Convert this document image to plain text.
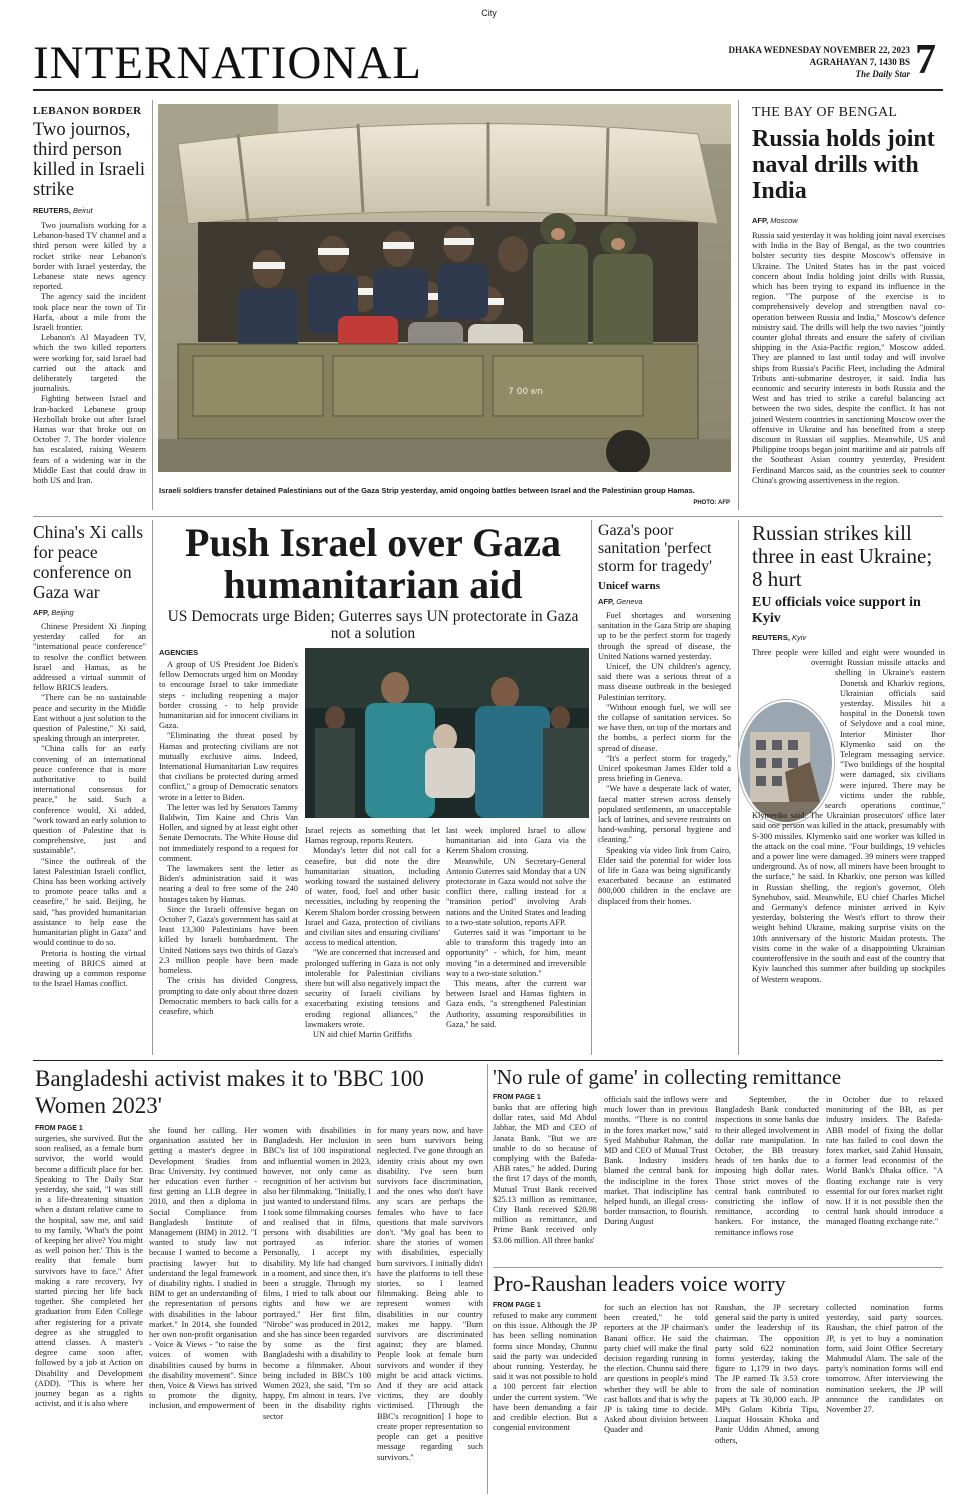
City
INTERNATIONAL	DHAKA WEDNESDAY NOVEMBER 22, 2023
AGRAHAYAN 7, 1430 BS
The Daily Star 7
LEBANON BORDER
Two journos, third person killed in Israeli strike
REUTERS, Beirut

Two journalists working for a Lebanon-based TV channel and a third person were killed by a rocket strike near Lebanon's border with Israel yesterday, the Lebanese state news agency reported.

The agency said the incident took place near the town of Tir Harfa, about a mile from the Israeli frontier.

Lebanon's Al Mayadeen TV, which the two killed reporters were working for, said Israel had carried out the attack and deliberately targeted the journalists.

Fighting between Israel and Iran-backed Lebanese group Hezbollah broke out after Israel Hamas war that broke out on October 7. The border violence has escalated, raising Western fears of a widening war in the Middle East that could draw in both US and Iran.

7 חש 00
Israeli soldiers transfer detained Palestinians out of the Gaza Strip yesterday, amid ongoing battles between Israel and the Palestinian group Hamas.
PHOTO: AFP
THE BAY OF BENGAL
Russia holds joint naval drills with India
AFP, Moscow

Russia said yesterday it was holding joint naval exercises with India in the Bay of Bengal, as the two countries bolster security ties despite Moscow's offensive in Ukraine. The United States has in the past voiced concern about India holding joint drills with Russia, which has been trying to expand its influence in the region. "The purpose of the exercise is to comprehensively develop and strengthen naval co-operation between Russia and India," Moscow's defence ministry said. The drills will help the two navies "jointly counter global threats and ensure the safety of civilian shipping in the Asia-Pacific region," Moscow added. They are planned to last until today and will involve ships from Russia's Pacific Fleet, including the Admiral Tributs anti-submarine destroyer, it said. India has economic and security interests in both Russia and the West and has tried to strike a careful balancing act between the two sides, despite the conflict. It has not joined Western countries in sanctioning Moscow over the offensive in Ukraine and has benefited from a steep discount in Russian oil supplies. Meanwhile, US and Philippine troops began joint maritime and air patrols off the Southeast Asian country yesterday, President Ferdinand Marcos said, as the countries seek to counter China's growing assertiveness in the region.

China's Xi calls for peace conference on Gaza war
AFP, Beijing

Chinese President Xi Jinping yesterday called for an "international peace conference" to resolve the conflict between Israel and Hamas, as he addressed a virtual summit of fellow BRICS leaders.

"There can be no sustainable peace and security in the Middle East without a just solution to the question of Palestine," Xi said, speaking through an interpreter.

"China calls for an early convening of an international peace conference that is more authoritative to build international consensus for peace," he said. Such a conference would, Xi added, "work toward an early solution to question of Palestine that is comprehensive, just and sustainable".

"Since the outbreak of the latest Palestinian Israeli conflict, China has been working actively to promote peace talks and a ceasefire," he said. Beijing, he said, "has provided humanitarian assistance to help ease the humanitarian plight in Gaza" and would continue to do so.

Pretoria is hosting the virtual meeting of BRICS aimed at drawing up a common response to the Israel Hamas conflict.

Push Israel over Gaza humanitarian aid
US Democrats urge Biden; Guterres says UN protectorate in Gaza not a solution
AGENCIES

A group of US President Joe Biden's fellow Democrats urged him on Monday to encourage Israel to take immediate steps - including reopening a major border crossing - to help provide humanitarian aid for innocent civilians in Gaza.

"Eliminating the threat posed by Hamas and protecting civilians are not mutually exclusive aims. Indeed, International Humanitarian Law requires that civilians be protected during armed conflict," a group of Democratic senators wrote in a letter to Biden.

The letter was led by Senators Tammy Baldwin, Tim Kaine and Chris Van Hollen, and signed by at least eight other Senate Democrats. The White House did not immediately respond to a request for comment.

The lawmakers sent the letter as Biden's administration said it was nearing a deal to free some of the 240 hostages taken by Hamas.

Since the Israeli offensive began on October 7, Gaza's government has said at least 13,300 Palestinians have been killed by Israeli bombardment. The United Nations says two thirds of Gaza's 2.3 million people have been made homeless.

The crisis has divided Congress, prompting to date only about three dozen Democratic members to back calls for a ceasefire, which

Israel rejects as something that let Hamas regroup, reports Reuters.

Monday's letter did not call for a ceasefire, but did note the dire humanitarian situation, including working toward the sustained delivery of water, food, fuel and other basic necessities, including by reopening the Kerem Shalom border crossing between Israel and Gaza, protection of civilians and civilian sites and ensuring civilians' access to medical attention.

"We are concerned that increased and prolonged suffering in Gaza is not only intolerable for Palestinian civilians there but will also negatively impact the security of Israeli civilians by exacerbating existing tensions and eroding regional alliances," the lawmakers wrote.

UN aid chief Martin Griffiths

last week implored Israel to allow humanitarian aid into Gaza via the Kerem Shalom crossing.

Meanwhile, UN Secretary-General Antonio Guterres said Monday that a UN protectorate in Gaza would not solve the conflict there, calling instead for a "transition period" involving Arab nations and the United States and leading to a two-state solution, reports AFP.

Guterres said it was "important to be able to transform this tragedy into an opportunity" - which, for him, meant moving "in a determined and irreversible way to a two-state solution."

This means, after the current war between Israel and Hamas fighters in Gaza ends, "a strengthened Palestinian Authority, assuming responsibilities in Gaza," he said.

Gaza's poor sanitation 'perfect storm for tragedy'
Unicef warns
AFP, Geneva

Fuel shortages and worsening sanitation in the Gaza Strip are shaping up to be the perfect storm for tragedy through the spread of disease, the United Nations warned yesterday.

Unicef, the UN children's agency, said there was a serious threat of a mass disease outbreak in the besieged Palestinian territory.

"Without enough fuel, we will see the collapse of sanitation services. So we have then, on top of the mortars and the bombs, a perfect storm for the spread of disease.

"It's a perfect storm for tragedy," Unicef spokesman James Elder told a press briefing in Geneva.

"We have a desperate lack of water, faecal matter strewn across densely populated settlements, an unacceptable lack of latrines, and severe restraints on hand-washing, personal hygiene and cleaning."

Speaking via video link from Cairo, Elder said the potential for wider loss of life in Gaza was being significantly exacerbated because an estimated 800,000 children in the enclave are displaced from their homes.

Russian strikes kill three in east Ukraine; 8 hurt
EU officials voice support in Kyiv
REUTERS, Kyiv

Three people were killed and eight were wounded in overnight Russian missile attacks and shelling in Ukraine's eastern Donetsk and Kharkiv regions, Ukrainian officials said yesterday. Missiles hit a hospital in the Donetsk town of Selydove and a coal mine, Interior Minister Ihor Klymenko said on the Telegram messaging service. "Two buildings of the hospital were damaged, six civilians were injured. There may be victims under the rubble, search operations continue," Klymenko said. The Ukrainian prosecutors' office later said one person was killed in the attack, presumably with S-300 missiles. Klymenko said one worker was killed in the attack on the coal mine. "Four buildings, 19 vehicles and a power line were damaged. 39 miners were trapped underground. As of now, all miners have been brought to the surface," he said. In Kharkiv, one person was killed in Russian shelling, the region's governor, Oleh Synehubov, said. Meanwhile, EU chief Charles Michel and Germany's defence minister arrived in Kyiv yesterday, bolstering the West's effort to throw their weight behind Ukraine, making surprise visits on the 10th anniversary of the historic Maidan protests. The visits come in the wake of a disappointing Ukrainian counteroffensive in the south and east of the country that Kyiv launched this summer after building up stockpiles of Western weapons.

Bangladeshi activist makes it to 'BBC 100 Women 2023'
FROM PAGE 1

surgeries, she survived. But the soon realised, as a female burn survivor, the world would become a difficult place for her. Speaking to The Daily Star yesterday, she said, "I was still in a life-threatening situation when a distant relative came to the hospital, saw me, and said to my family, 'What's the point of keeping her alive? You might as well poison her.' This is the reality that female burn survivors have to face." After making a rare recovery, Ivy started piecing her life back together. She completed her graduation from Eden College after registering for a private degree as she struggled to attend classes. A master's degree came soon after, followed by a job at Action on Disability and Development (ADD). "This is where her journey began as a rights activist, and it is also where

she found her calling. Her organisation assisted her in getting a master's degree in Development Studies from Brac University. Ivy continued her education even further - first getting an LLB degree in 2010, and then a diploma in Social Compliance from Bangladesh Institute of Management (BIM) in 2012. "I wanted to study law not because I wanted to become a practising lawyer but to understand the legal framework of disability rights. I studied in BIM to get an understanding of the representation of persons with disabilities in the labour market." In 2014, she founded her own non-profit organisation - Voice & Views - "to raise the voices of women with disabilities caused by burns in the disability movement". Since then, Voice & Views has strived to promote the dignity, inclusion, and empowerment of

women with disabilities in Bangladesh. Her inclusion in BBC's list of 100 inspirational and influential women in 2023, however, not only came as recognition of her activism but also her filmmaking. "Initially, I just wanted to understand films. I took some filmmaking courses and realised that in films, persons with disabilities are portrayed as inferior. Personally, I accept my disability. My life had changed in a moment, and since then, it's been a struggle. Through my films, I tried to talk about our rights and how we are portrayed." Her first film, "Nirobe" was produced in 2012, and she has since been regarded by some as the first Bangladeshi with a disability to become a filmmaker. About being included in BBC's 100 Women 2023, she said, "I'm so happy, I'm almost in tears. I've been in the disability rights sector

for many years now, and have seen burn survivors being neglected. I've gone through an identity crisis about my own disability. I've seen burn survivors face discrimination, and the ones who don't have any scars are perhaps the females who have to face questions that male survivors don't. "My goal has been to share the stories of women with disabilities, especially burn survivors. I initially didn't have the platforms to tell these stories, so I learned filmmaking. Being able to represent women with disabilities in our country makes me happy. "Burn survivors are discriminated against; they are blamed. People look at female burn survivors and wonder if they might be acid attack victims. And if they are acid attack victims, they are doubly victimised. [Through the BBC's recognition] I hope to create proper representation so people can get a positive message regarding such survivors."

'No rule of game' in collecting remittance
FROM PAGE 1

banks that are offering high dollar rates, said Md Abdul Jabbar, the MD and CEO of Janata Bank. "But we are unable to do so because of complying with the Bafeda-ABB rates," he added. During the first 17 days of the month, Mutual Trust Bank received $25.13 million as remittance, City Bank received $20.98 million as remittance, and Prime Bank received only $3.06 million. All three banks'

officials said the inflows were much lower than in previous months. "There is no control in the forex market now," said Syed Mahbubur Rahman, the MD and CEO of Mutual Trust Bank. Industry insiders blamed the central bank for the indiscipline in the forex market. That indiscipline has helped hundi, an illegal cross-border transaction, to flourish. During August

and September, the Bangladesh Bank conducted inspections in some banks due to their alleged involvement in dollar rate manipulation. In October, the BB treasury heads of ten banks due to imposing high dollar rates. Those strict moves of the central bank contributed to constricting the inflow of remittance, according to bankers. For instance, the remittance inflows rose

in October due to relaxed monitoring of the BB, as per industry insiders. The Bafeda-ABB model of fixing the dollar rate has failed to cool down the forex market, said Zahid Hussain, a former lead economist of the World Bank's Dhaka office. "A floating exchange rate is very essential for our forex market right now. If it is not possible then the central bank should introduce a managed floating exchange rate."

Pro-Raushan leaders voice worry
FROM PAGE 1

refused to make any comment on this issue. Although the JP has been selling nomination forms since Monday, Chunnu said the party was undecided about running. Yesterday, he said it was not possible to hold a 100 percent fair election under the current system. "We have been demanding a fair and credible election. But a congenial environment

for such an election has not been created," he told reporters at the JP chairman's Banani office. He said the party chief will make the final decision regarding running in the election. Chunnu said there are questions in people's mind whether they will be able to cast ballots and that is why the JP is taking time to decide. Asked about division between Quader and

Raushan, the JP secretary general said the party is united under the leadership of its chairman. The opposition party sold 622 nomination forms yesterday, taking the figure to 1,179 in two days. The JP earned Tk 3.53 crore from the sale of nomination papers at Tk 30,000 each. JP MPs Golam Kibria Tipu, Liaquat Hossain Khoka and Panir Uddin Ahmed, among others,

collected nomination forms yesterday, said party sources. Raushan, the chief patron of the JP, is yet to buy a nomination form, said Joint Office Secretary Mahmudul Alam. The sale of the party's nomination forms will end tomorrow. After interviewing the nomination seekers, the JP will announce the candidates on November 27.
